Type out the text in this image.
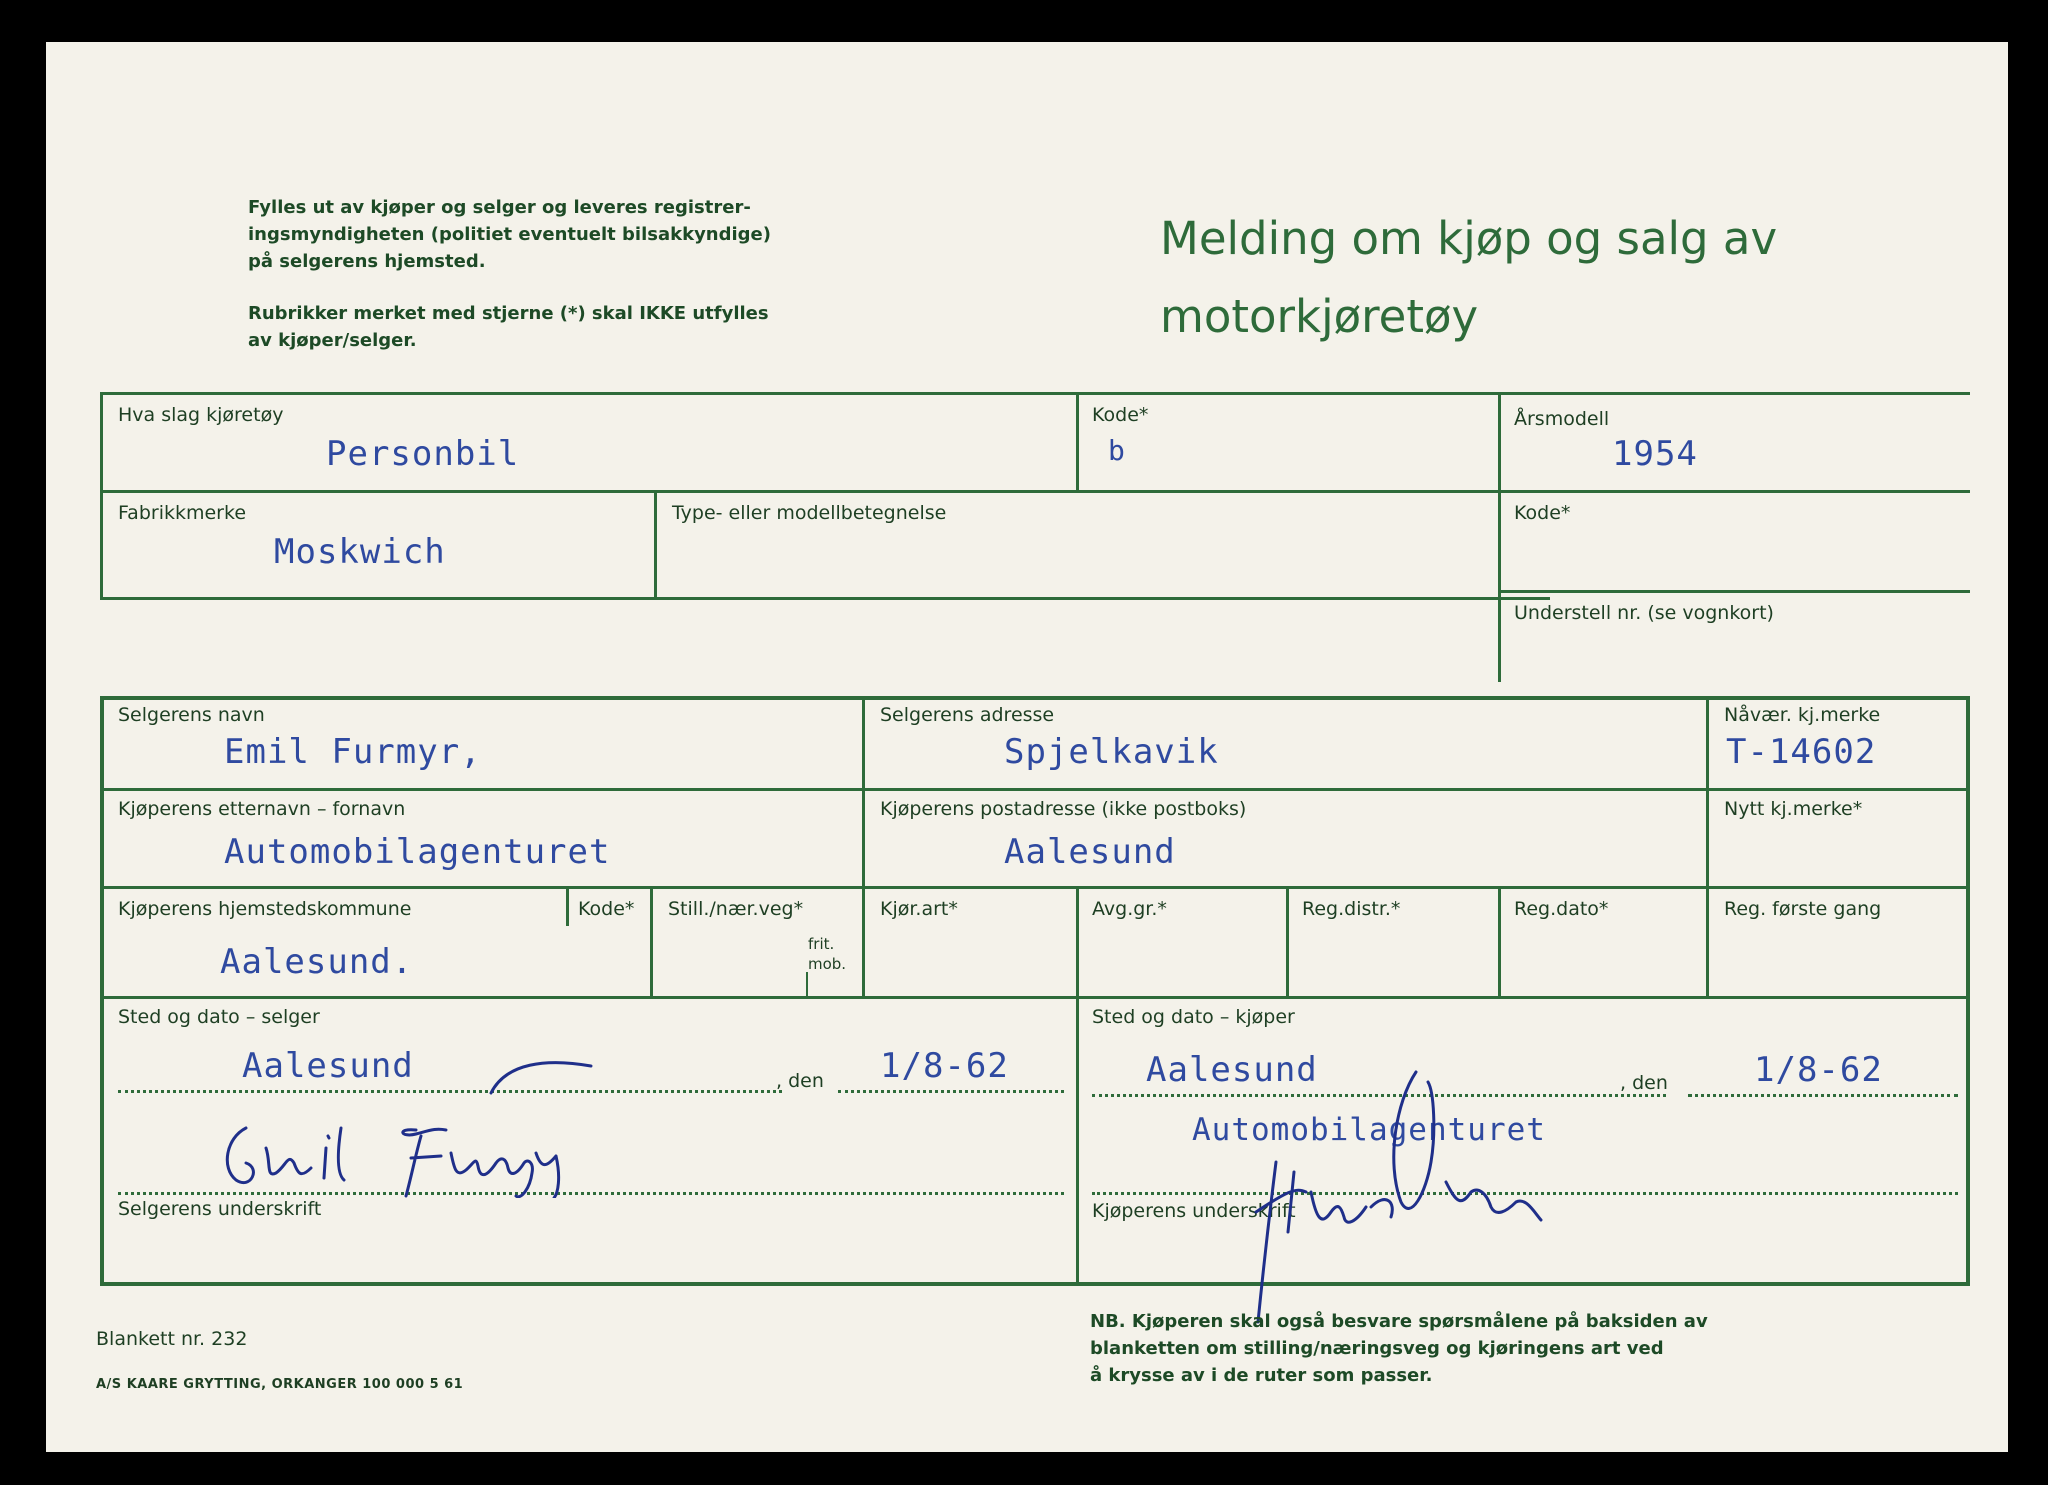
Fylles ut av kjøper og selger og leveres registrer-
ingsmyndigheten (politiet eventuelt bilsakkyndige)
på selgerens hjemsted.
Rubrikker merket med stjerne (*) skal IKKE utfylles
av kjøper/selger.
Melding om kjøp og salg av
motorkjøretøy
Hva slag kjøretøy
Personbil
Kode*
b
Årsmodell
1954
Fabrikkmerke
Moskwich
Type- eller modellbetegnelse	Kode*
Understell nr. (se vognkort)
Selgerens navn
Emil Furmyr,
Selgerens adresse
Spjelkavik
Nåvær. kj.merke
T-14602
Kjøperens etternavn – fornavn
Automobilagenturet
Kjøperens postadresse (ikke postboks)
Aalesund
Nytt kj.merke*
Kjøperens hjemstedskommune
Aalesund.
Kode* Still./nær.veg*
frit.
mob.
Kjør.art*	Avg.gr.*	Reg.distr.*	Reg.dato*	Reg. første gang
Sted og dato – selger
Aalesund	, den 1/8-62
Selgerens underskrift
Sted og dato – kjøper
Aalesund	, den	1/8-62
Automobilagenturet
Kjøperens underskrift
Blankett nr. 232
A/S KAARE GRYTTING, ORKANGER 100 000 5 61
NB. Kjøperen skal også besvare spørsmålene på baksiden av
blanketten om stilling/næringsveg og kjøringens art ved
å krysse av i de ruter som passer.
